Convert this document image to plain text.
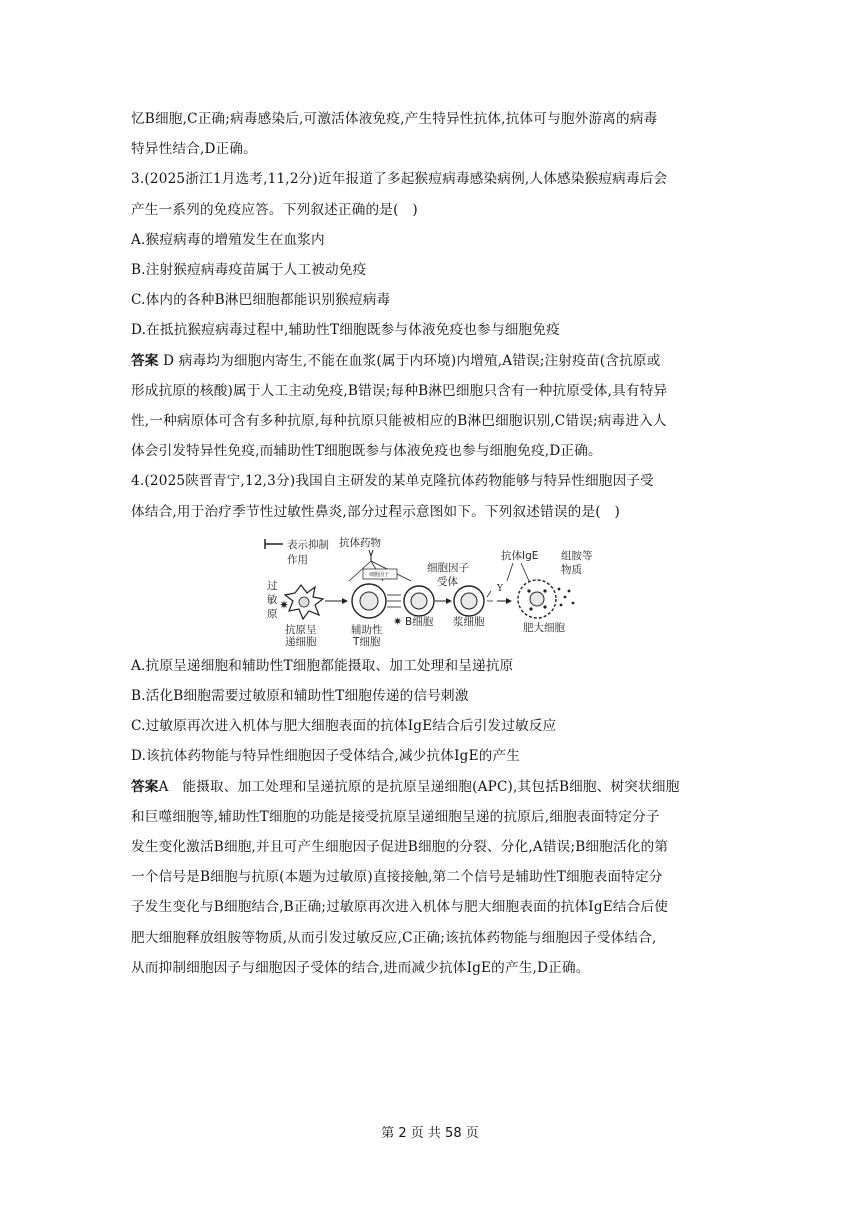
忆B细胞,C正确;病毒感染后,可激活体液免疫,产生特异性抗体,抗体可与胞外游离的病毒

特异性结合,D正确。

3.(2025浙江1月选考,11,2分)近年报道了多起猴痘病毒感染病例,人体感染猴痘病毒后会

产生一系列的免疫应答。下列叙述正确的是(　)

A.猴痘病毒的增殖发生在血浆内

B.注射猴痘病毒疫苗属于人工被动免疫

C.体内的各种B淋巴细胞都能识别猴痘病毒

D.在抵抗猴痘病毒过程中,辅助性T细胞既参与体液免疫也参与细胞免疫

答案 D 病毒均为细胞内寄生,不能在血浆(属于内环境)内增殖,A错误;注射疫苗(含抗原或

形成抗原的核酸)属于人工主动免疫,B错误;每种B淋巴细胞只含有一种抗原受体,具有特异

性,一种病原体可含有多种抗原,每种抗原只能被相应的B淋巴细胞识别,C错误;病毒进入人

体会引发特异性免疫,而辅助性T细胞既参与体液免疫也参与细胞免疫,D正确。

4.(2025陕晋青宁,12,3分)我国自主研发的某单克隆抗体药物能够与特异性细胞因子受

体结合,用于治疗季节性过敏性鼻炎,部分过程示意图如下。下列叙述错误的是(　)

表示抑制
作用
抗体药物
细胞因子
细胞因子
受体
抗体IgE 组胺等
物质
过
敏
原
✷
抗原呈	辅助性
✷ B细胞 浆细胞
Y
肥大细胞
递细胞	T细胞

A.抗原呈递细胞和辅助性T细胞都能摄取、加工处理和呈递抗原

B.活化B细胞需要过敏原和辅助性T细胞传递的信号刺激

C.过敏原再次进入机体与肥大细胞表面的抗体IgE结合后引发过敏反应

D.该抗体药物能与特异性细胞因子受体结合,减少抗体IgE的产生

答案A　能摄取、加工处理和呈递抗原的是抗原呈递细胞(APC),其包括B细胞、树突状细胞

和巨噬细胞等,辅助性T细胞的功能是接受抗原呈递细胞呈递的抗原后,细胞表面特定分子

发生变化激活B细胞,并且可产生细胞因子促进B细胞的分裂、分化,A错误;B细胞活化的第

一个信号是B细胞与抗原(本题为过敏原)直接接触,第二个信号是辅助性T细胞表面特定分

子发生变化与B细胞结合,B正确;过敏原再次进入机体与肥大细胞表面的抗体IgE结合后使

肥大细胞释放组胺等物质,从而引发过敏反应,C正确;该抗体药物能与细胞因子受体结合,

从而抑制细胞因子与细胞因子受体的结合,进而减少抗体IgE的产生,D正确。

第 2 页 共 58 页
